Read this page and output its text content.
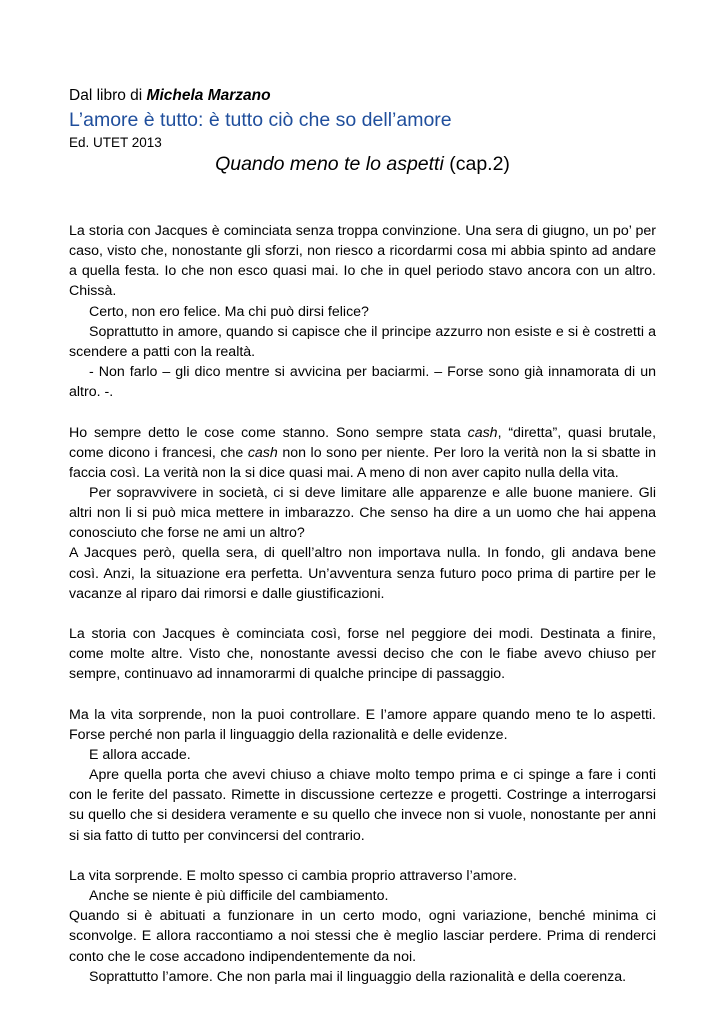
Dal libro di Michela Marzano
L’amore è tutto: è tutto ciò che so dell’amore
Ed. UTET 2013
Quando meno te lo aspetti (cap.2)

La storia con Jacques è cominciata senza troppa convinzione. Una sera di giugno, un po’ per caso, visto che, nonostante gli sforzi, non riesco a ricordarmi cosa mi abbia spinto ad andare a quella festa. Io che non esco quasi mai. Io che in quel periodo stavo ancora con un altro. Chissà.

Certo, non ero felice. Ma chi può dirsi felice?

Soprattutto in amore, quando si capisce che il principe azzurro non esiste e si è costretti a scendere a patti con la realtà.

- Non farlo – gli dico mentre si avvicina per baciarmi. – Forse sono già innamorata di un altro. -.

Ho sempre detto le cose come stanno. Sono sempre stata cash, “diretta”, quasi brutale, come dicono i francesi, che cash non lo sono per niente. Per loro la verità non la si sbatte in faccia così. La verità non la si dice quasi mai. A meno di non aver capito nulla della vita.

Per sopravvivere in società, ci si deve limitare alle apparenze e alle buone maniere. Gli altri non li si può mica mettere in imbarazzo. Che senso ha dire a un uomo che hai appena conosciuto che forse ne ami un altro?

A Jacques però, quella sera, di quell’altro non importava nulla. In fondo, gli andava bene così. Anzi, la situazione era perfetta. Un’avventura senza futuro poco prima di partire per le vacanze al riparo dai rimorsi e dalle giustificazioni.

La storia con Jacques è cominciata così, forse nel peggiore dei modi. Destinata a finire, come molte altre. Visto che, nonostante avessi deciso che con le fiabe avevo chiuso per sempre, continuavo ad innamorarmi di qualche principe di passaggio.

Ma la vita sorprende, non la puoi controllare. E l’amore appare quando meno te lo aspetti. Forse perché non parla il linguaggio della razionalità e delle evidenze.

E allora accade.

Apre quella porta che avevi chiuso a chiave molto tempo prima e ci spinge a fare i conti con le ferite del passato. Rimette in discussione certezze e progetti. Costringe a interrogarsi su quello che si desidera veramente e su quello che invece non si vuole, nonostante per anni si sia fatto di tutto per convincersi del contrario.

La vita sorprende. E molto spesso ci cambia proprio attraverso l’amore.

Anche se niente è più difficile del cambiamento.

Quando si è abituati a funzionare in un certo modo, ogni variazione, benché minima ci sconvolge. E allora raccontiamo a noi stessi che è meglio lasciar perdere. Prima di renderci conto che le cose accadono indipendentemente da noi.

Soprattutto l’amore. Che non parla mai il linguaggio della razionalità e della coerenza.
